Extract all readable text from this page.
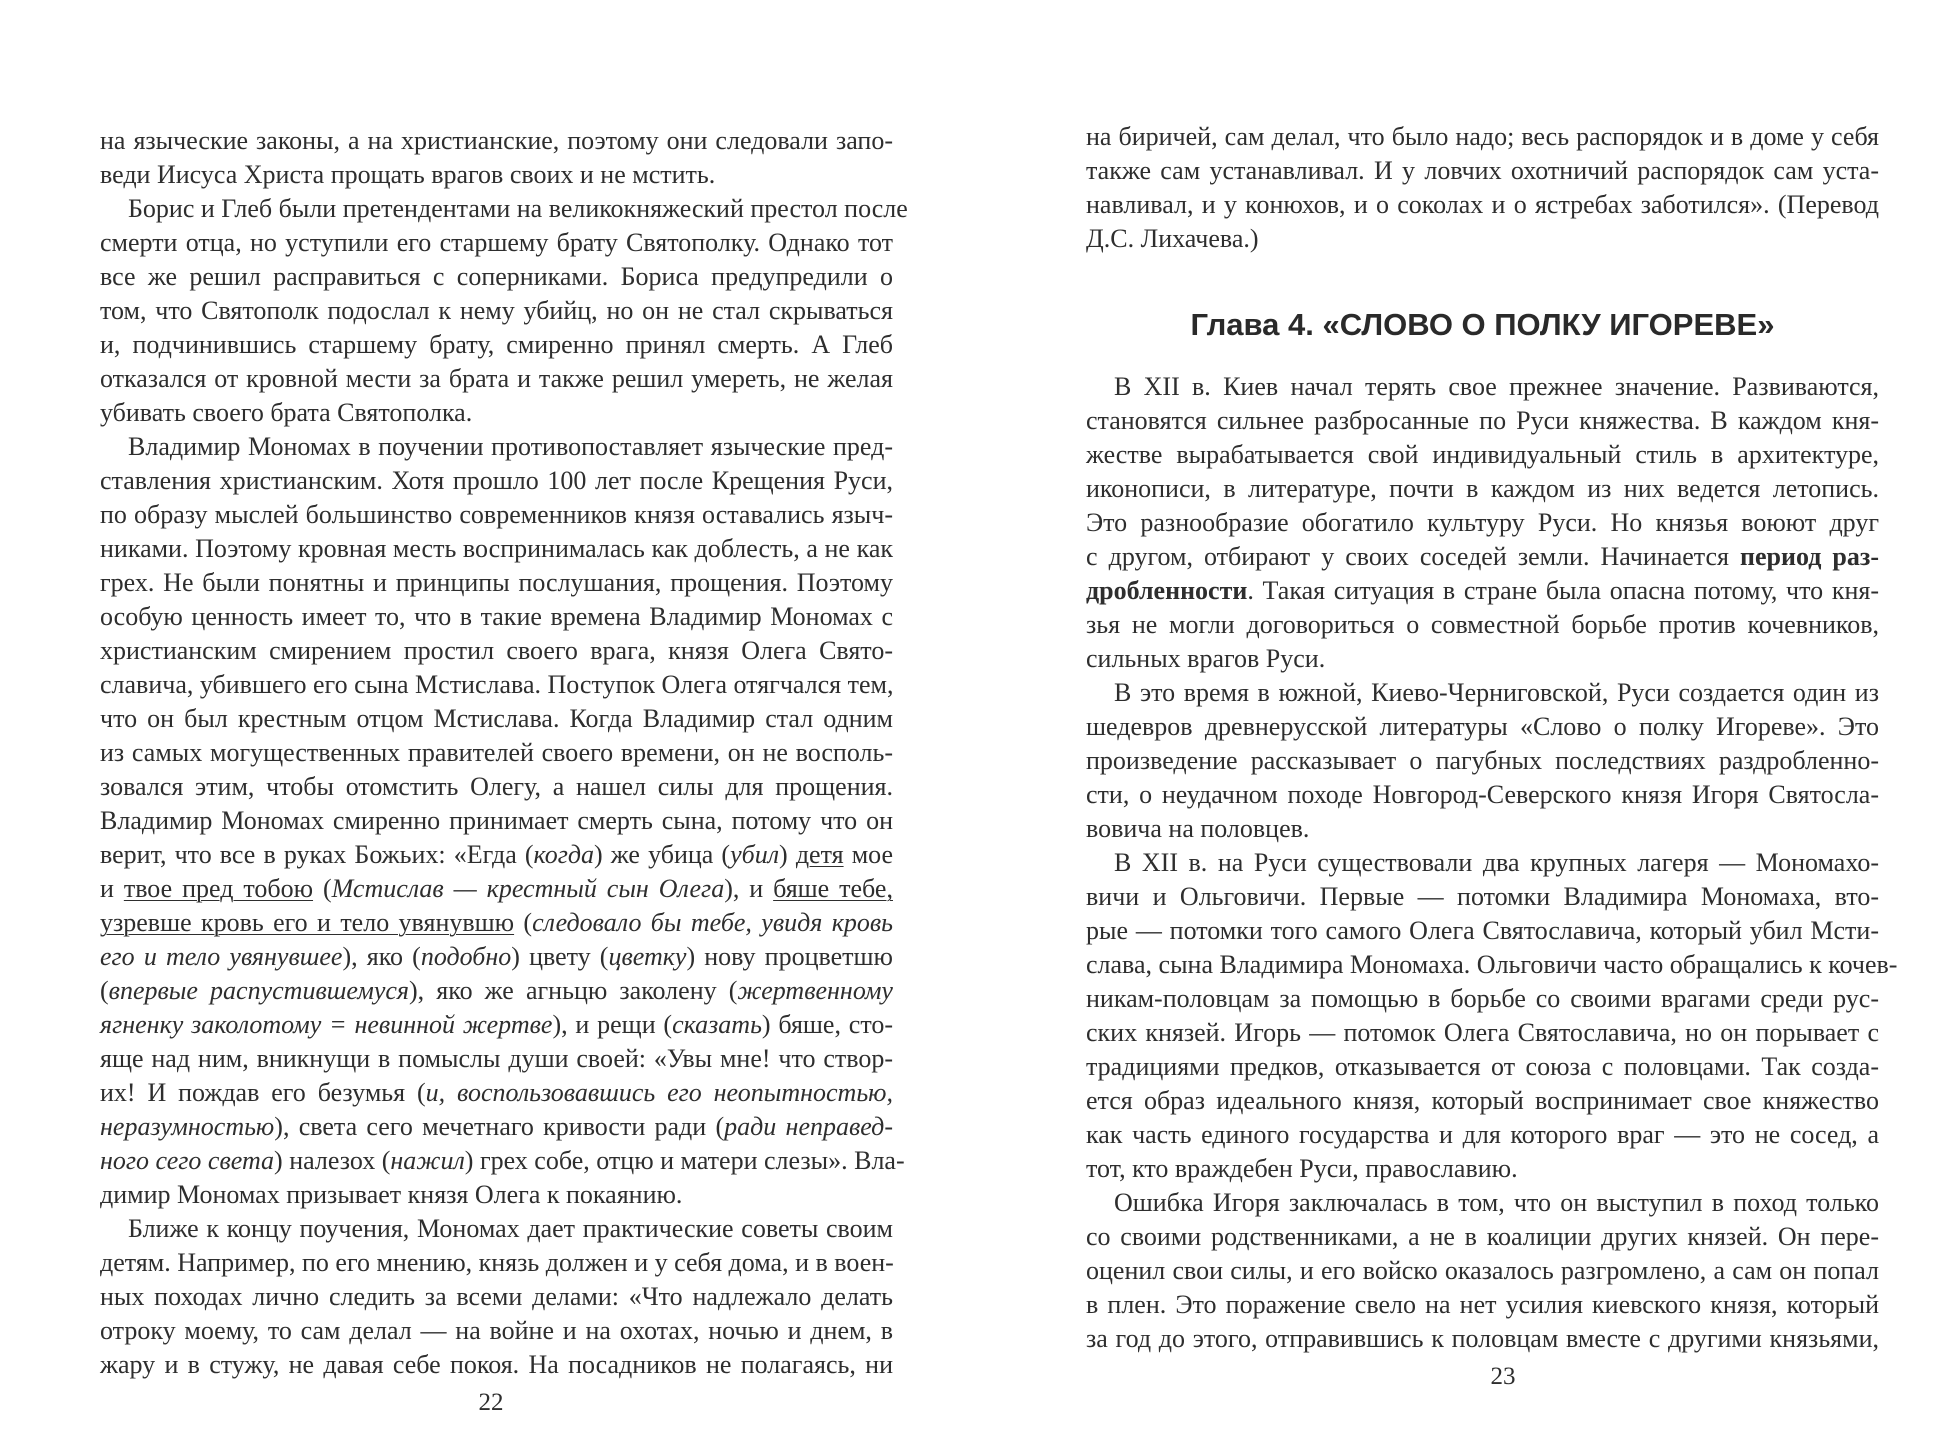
на языческие законы, а на христианские, поэтому они следовали запо-
веди Иисуса Христа прощать врагов своих и не мстить.
Борис и Глеб были претендентами на великокняжеский престол после
смерти отца, но уступили его старшему брату Святополку. Однако тот
все же решил расправиться с соперниками. Бориса предупредили о
том, что Святополк подослал к нему убийц, но он не стал скрываться
и, подчинившись старшему брату, смиренно принял смерть. А Глеб
отказался от кровной мести за брата и также решил умереть, не желая
убивать своего брата Святополка.
Владимир Мономах в поучении противопоставляет языческие пред-
ставления христианским. Хотя прошло 100 лет после Крещения Руси,
по образу мыслей большинство современников князя оставались языч-
никами. Поэтому кровная месть воспринималась как доблесть, а не как
грех. Не были понятны и принципы послушания, прощения. Поэтому
особую ценность имеет то, что в такие времена Владимир Мономах с
христианским смирением простил своего врага, князя Олега Свято-
славича, убившего его сына Мстислава. Поступок Олега отягчался тем,
что он был крестным отцом Мстислава. Когда Владимир стал одним
из самых могущественных правителей своего времени, он не восполь-
зовался этим, чтобы отомстить Олегу, а нашел силы для прощения.
Владимир Мономах смиренно принимает смерть сына, потому что он
верит, что все в руках Божьих: «Егда (когда) же убица (убил) детя мое
и твое пред тобою (Мстислав — крестный сын Олега), и бяше тебе,
узревше кровь его и тело увянувшю (следовало бы тебе, увидя кровь
его и тело увянувшее), яко (подобно) цвету (цветку) нову процветшю
(впервые распустившемуся), яко же агньцю заколену (жертвенному
ягненку заколотому = невинной жертве), и рещи (сказать) бяше, сто-
яще над ним, вникнущи в помыслы души своей: «Увы мне! что створ-
их! И пождав его безумья (и, воспользовавшись его неопытностью,
неразумностью), света сего мечетнаго кривости ради (ради неправед-
ного сего света) налезох (нажил) грех собе, отцю и матери слезы». Вла-
димир Мономах призывает князя Олега к покаянию.
Ближе к концу поучения, Мономах дает практические советы своим
детям. Например, по его мнению, князь должен и у себя дома, и в воен-
ных походах лично следить за всеми делами: «Что надлежало делать
отроку моему, то сам делал — на войне и на охотах, ночью и днем, в
жару и в стужу, не давая себе покоя. На посадников не полагаясь, ни
22
на биричей, сам делал, что было надо; весь распорядок и в доме у себя
также сам устанавливал. И у ловчих охотничий распорядок сам уста-
навливал, и у конюхов, и о соколах и о ястребах заботился». (Перевод
Д.С. Лихачева.)
Глава 4. «СЛОВО О ПОЛКУ ИГОРЕВЕ»
В XII в. Киев начал терять свое прежнее значение. Развиваются,
становятся сильнее разбросанные по Руси княжества. В каждом кня-
жестве вырабатывается свой индивидуальный стиль в архитектуре,
иконописи, в литературе, почти в каждом из них ведется летопись.
Это разнообразие обогатило культуру Руси. Но князья воюют друг
с другом, отбирают у своих соседей земли. Начинается период раз-
дробленности. Такая ситуация в стране была опасна потому, что кня-
зья не могли договориться о совместной борьбе против кочевников,
сильных врагов Руси.
В это время в южной, Киево-Черниговской, Руси создается один из
шедевров древнерусской литературы «Слово о полку Игореве». Это
произведение рассказывает о пагубных последствиях раздробленно-
сти, о неудачном походе Новгород-Северского князя Игоря Святосла-
вовича на половцев.
В XII в. на Руси существовали два крупных лагеря — Мономахо-
вичи и Ольговичи. Первые — потомки Владимира Мономаха, вто-
рые — потомки того самого Олега Святославича, который убил Мсти-
слава, сына Владимира Мономаха. Ольговичи часто обращались к кочев-
никам-половцам за помощью в борьбе со своими врагами среди рус-
ских князей. Игорь — потомок Олега Святославича, но он порывает с
традициями предков, отказывается от союза с половцами. Так созда-
ется образ идеального князя, который воспринимает свое княжество
как часть единого государства и для которого враг — это не сосед, а
тот, кто враждебен Руси, православию.
Ошибка Игоря заключалась в том, что он выступил в поход только
со своими родственниками, а не в коалиции других князей. Он пере-
оценил свои силы, и его войско оказалось разгромлено, а сам он попал
в плен. Это поражение свело на нет усилия киевского князя, который
за год до этого, отправившись к половцам вместе с другими князьями,
23
